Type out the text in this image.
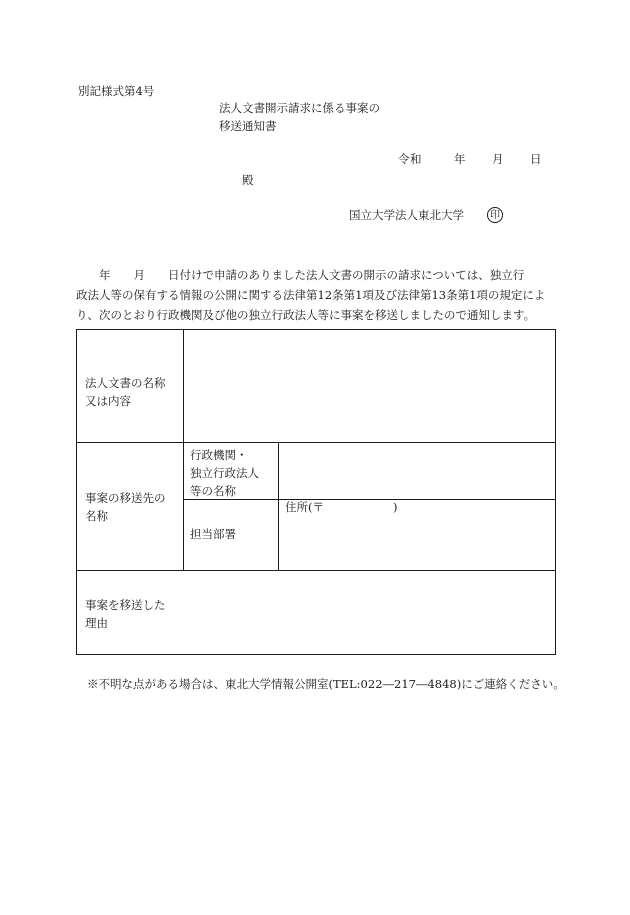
別記様式第4号
法人文書開示請求に係る事案の
移送通知書
令和	年 月 日
殿
国立大学法人東北大学	印
　　年　　月　　日付けで申請のありました法人文書の開示の請求については、独立行
政法人等の保有する情報の公開に関する法律第12条第1項及び法律第13条第1項の規定によ
り、次のとおり行政機関及び他の独立行政法人等に事案を移送しましたので通知します。
法人文書の名称
又は内容
事案の移送先の
名称
行政機関・
独立行政法人
等の名称
担当部署
住所(〒　　　　　　)
事案を移送した
理由
※不明な点がある場合は、東北大学情報公開室(TEL:022―217―4848)にご連絡ください。
